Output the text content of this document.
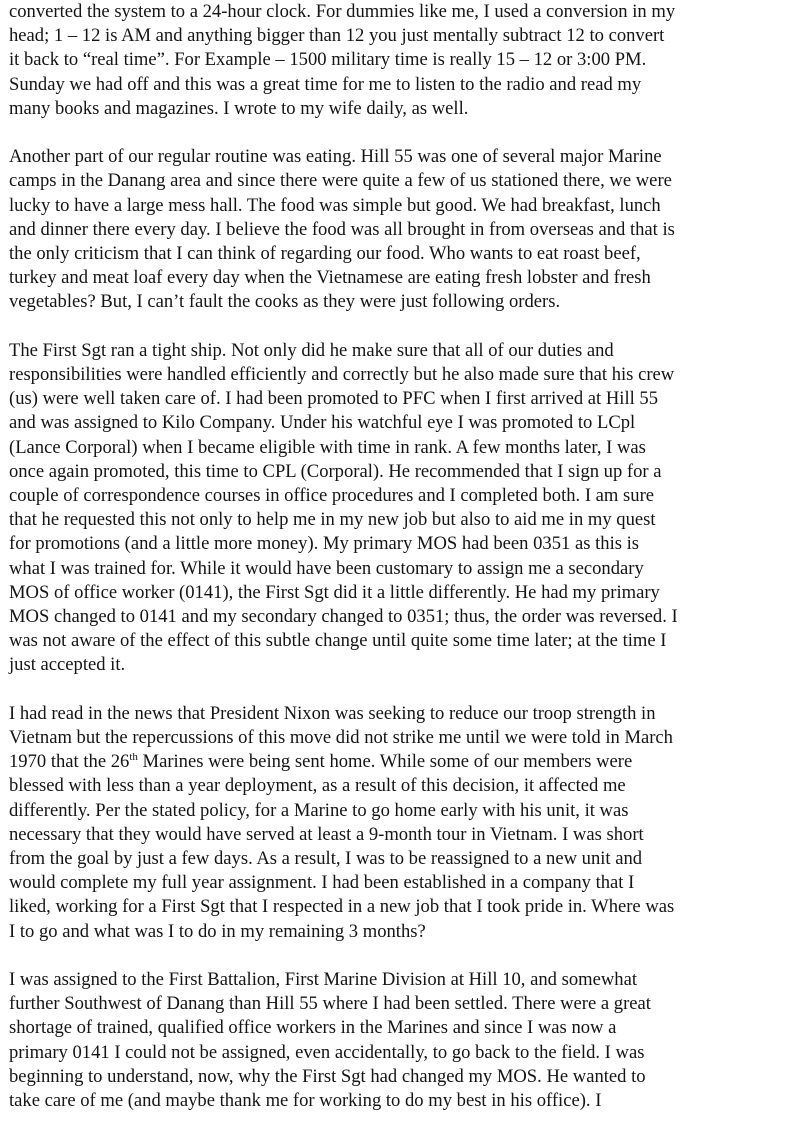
converted the system to a 24-hour clock. For dummies like me, I used a conversion in my
head; 1 – 12 is AM and anything bigger than 12 you just mentally subtract 12 to convert
it back to “real time”. For Example – 1500 military time is really 15 – 12 or 3:00 PM.
Sunday we had off and this was a great time for me to listen to the radio and read my
many books and magazines. I wrote to my wife daily, as well.

Another part of our regular routine was eating. Hill 55 was one of several major Marine
camps in the Danang area and since there were quite a few of us stationed there, we were
lucky to have a large mess hall. The food was simple but good. We had breakfast, lunch
and dinner there every day. I believe the food was all brought in from overseas and that is
the only criticism that I can think of regarding our food. Who wants to eat roast beef,
turkey and meat loaf every day when the Vietnamese are eating fresh lobster and fresh
vegetables? But, I can’t fault the cooks as they were just following orders.

The First Sgt ran a tight ship. Not only did he make sure that all of our duties and
responsibilities were handled efficiently and correctly but he also made sure that his crew
(us) were well taken care of. I had been promoted to PFC when I first arrived at Hill 55
and was assigned to Kilo Company. Under his watchful eye I was promoted to LCpl
(Lance Corporal) when I became eligible with time in rank. A few months later, I was
once again promoted, this time to CPL (Corporal). He recommended that I sign up for a
couple of correspondence courses in office procedures and I completed both. I am sure
that he requested this not only to help me in my new job but also to aid me in my quest
for promotions (and a little more money). My primary MOS had been 0351 as this is
what I was trained for. While it would have been customary to assign me a secondary
MOS of office worker (0141), the First Sgt did it a little differently. He had my primary
MOS changed to 0141 and my secondary changed to 0351; thus, the order was reversed. I
was not aware of the effect of this subtle change until quite some time later; at the time I
just accepted it.

I had read in the news that President Nixon was seeking to reduce our troop strength in
Vietnam but the repercussions of this move did not strike me until we were told in March
1970 that the 26th Marines were being sent home. While some of our members were
blessed with less than a year deployment, as a result of this decision, it affected me
differently. Per the stated policy, for a Marine to go home early with his unit, it was
necessary that they would have served at least a 9-month tour in Vietnam. I was short
from the goal by just a few days. As a result, I was to be reassigned to a new unit and
would complete my full year assignment. I had been established in a company that I
liked, working for a First Sgt that I respected in a new job that I took pride in. Where was
I to go and what was I to do in my remaining 3 months?

I was assigned to the First Battalion, First Marine Division at Hill 10, and somewhat
further Southwest of Danang than Hill 55 where I had been settled. There were a great
shortage of trained, qualified office workers in the Marines and since I was now a
primary 0141 I could not be assigned, even accidentally, to go back to the field. I was
beginning to understand, now, why the First Sgt had changed my MOS. He wanted to
take care of me (and maybe thank me for working to do my best in his office). I
